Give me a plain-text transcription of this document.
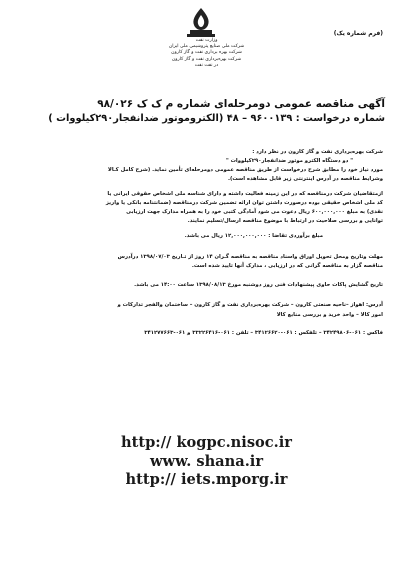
وزارت نفت
شرکت ملی صنایع پتروشیمی ملی ایران
شرکت بهره برداری نفت و گاز کارون
شرکت بهره‌برداری نفت و گاز کارون
در نفت نفت
(فرم شماره یک)
آگهی مناقصه عمومی دومرحله‌ای شماره م ک ک ۹۸/۰۲۶
شماره درخواست : ۹۶۰۰۱۳۹ – ۴۸ (الکتروموتور ضدانفجار۲۹۰کیلووات )
شرکت بهره‌برداری نفت و گاز کارون در نظر دارد :
" دو دستگاه الکترو موتور ضدانفجار۲۹۰کیلووات "
مورد نیاز خود را مطابق شرح درخواست از طریق مناقصه عمومی دومرحله‌ای تأمین نماید. (شرح کامل کـالا
وشرایط مناقصه در آدرس اینترنتی زیر قابل مشاهده است).
ازمتقاضیان شرکت درمناقصه که در این زمینه فعالیت داشته و دارای شناسه ملی اشخاص حقوقی ایرانی یا
کد ملی اشخاص حقیقی بوده درصورت داشتن توان ارائه تضمین شرکت درمناقصه (ضمانتنامه بانکی یا واریز
نقدی) به مبلغ ۶۰۰,۰۰۰,۰۰۰ ریال دعوت می شود آمادگی کتبی خود را به همراه مدارک جهت ارزیابی
توانایی و بررسی صلاحیت در ارتباط با موضوع مناقصه ارسال/تسلیم نمایند.
مبلغ برآوردی تقاضا : ۱۲,۰۰۰,۰۰۰,۰۰۰ ریال می باشد.
مهلت وتاریخ ومحل تحویل اوراق واسناد مناقصه به مناقصه گـران ۱۴ روز از تـاریخ ۱۳۹۸/۰۷/۰۳ درآدرس
مناقصه گزار به مناقصه گرانی که در ارزیابی ، مدارک آنها تایید شده است.
تاریخ گشایش پاکات حاوی پیشنهادات فنی روز دوشنبه مورخ ۱۳۹۸/۰۸/۱۳ ساعت ۱۴:۰۰ می باشد.
آدرس: اهواز –ناحیه صنعتی کارون – شرکت بهره‌برداری نفت و گاز کارون – ساختمان والفجر تدارکات و
امور کالا – واحد خرید و بررسی منابع کالا
فاکس : ۰۶۱-۳۴۲۴۹۸۰۶ – تلفکس : ۰۶۱-۳۴۱۲۶۶۲۰ – تلفن : ۰۶۱-۳۳۲۲۶۴۱۶ و ۰۶۱-۳۴۱۲۷۷۶۶۳
http:// kogpc.nisoc.ir
www. shana.ir
http:// iets.mporg.ir
